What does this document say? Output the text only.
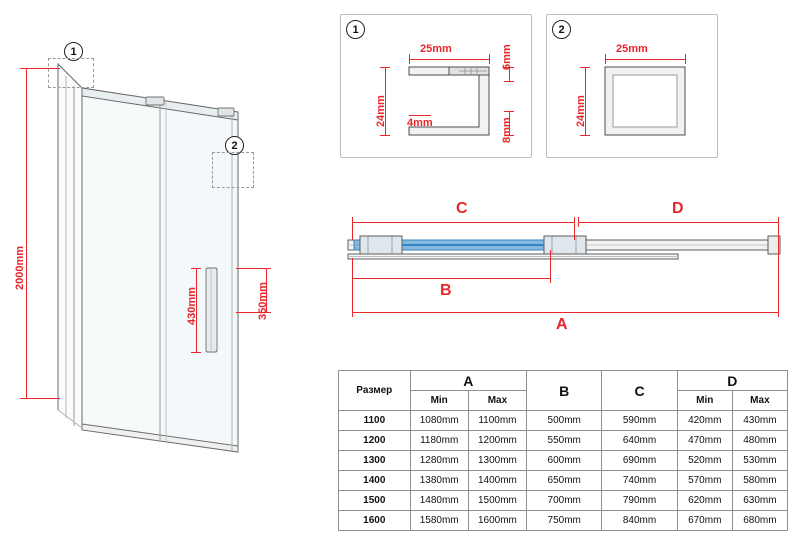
1
2
2000mm
430mm	350mm
1
25mm
24mm 4mm
6mm
8mm
2
25mm
24mm
C	D
B
A
Размер	A		B	C	D	
	Min	Max			Min	Max
1100	1080mm	1100mm	500mm	590mm	420mm	430mm
1200	1180mm	1200mm	550mm	640mm	470mm	480mm
1300	1280mm	1300mm	600mm	690mm	520mm	530mm
1400	1380mm	1400mm	650mm	740mm	570mm	580mm
1500	1480mm	1500mm	700mm	790mm	620mm	630mm
1600	1580mm	1600mm	750mm	840mm	670mm	680mm
